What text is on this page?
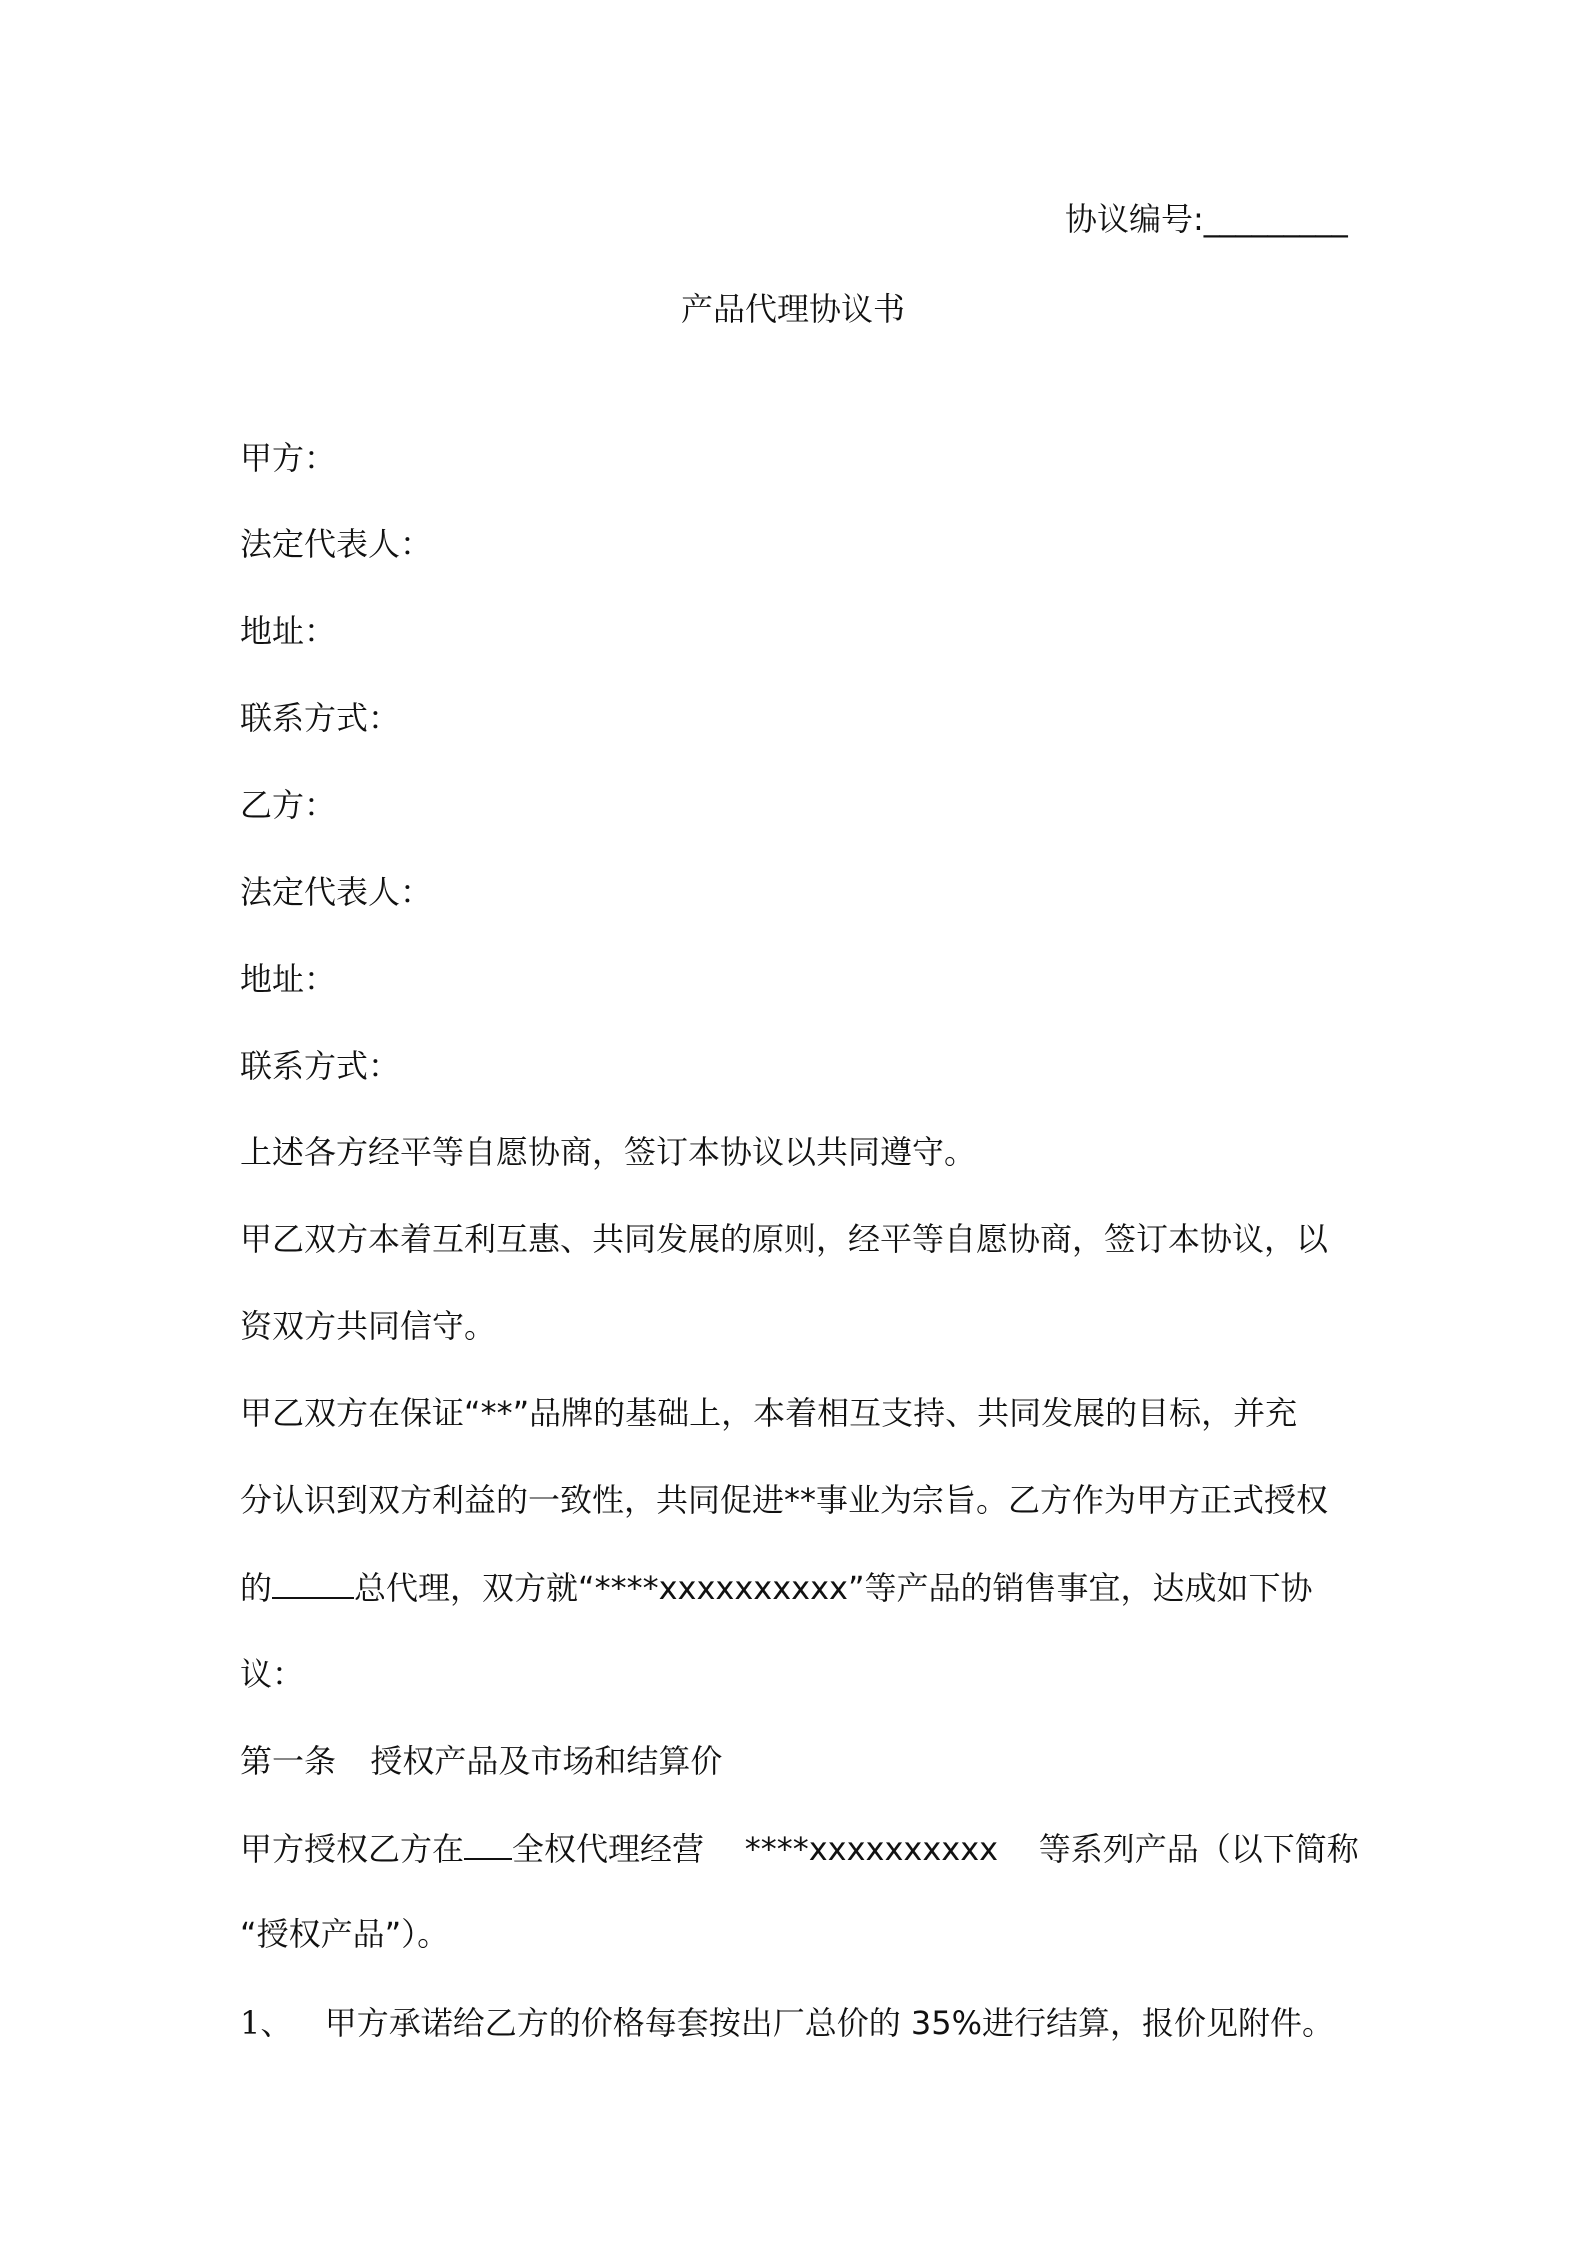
协议编号:_________
产品代理协议书
甲方：
法定代表人：
地址：
联系方式：
乙方：
法定代表人：
地址：
联系方式：
上述各方经平等自愿协商，签订本协议以共同遵守。
甲乙双方本着互利互惠、共同发展的原则，经平等自愿协商，签订本协议，以
资双方共同信守。
甲乙双方在保证“**”品牌的基础上，本着相互支持、共同发展的目标，并充
分认识到双方利益的一致性，共同促进**事业为宗旨。乙方作为甲方正式授权
的	总代理，双方就“****xxxxxxxxxx”等产品的销售事宜，达成如下协
议：
第一条 授权产品及市场和结算价
甲方授权乙方在 全权代理经营    ****xxxxxxxxxx    等系列产品（以下简称
“授权产品”）。
1、 甲方承诺给乙方的价格每套按出厂总价的 35%进行结算，报价见附件。
